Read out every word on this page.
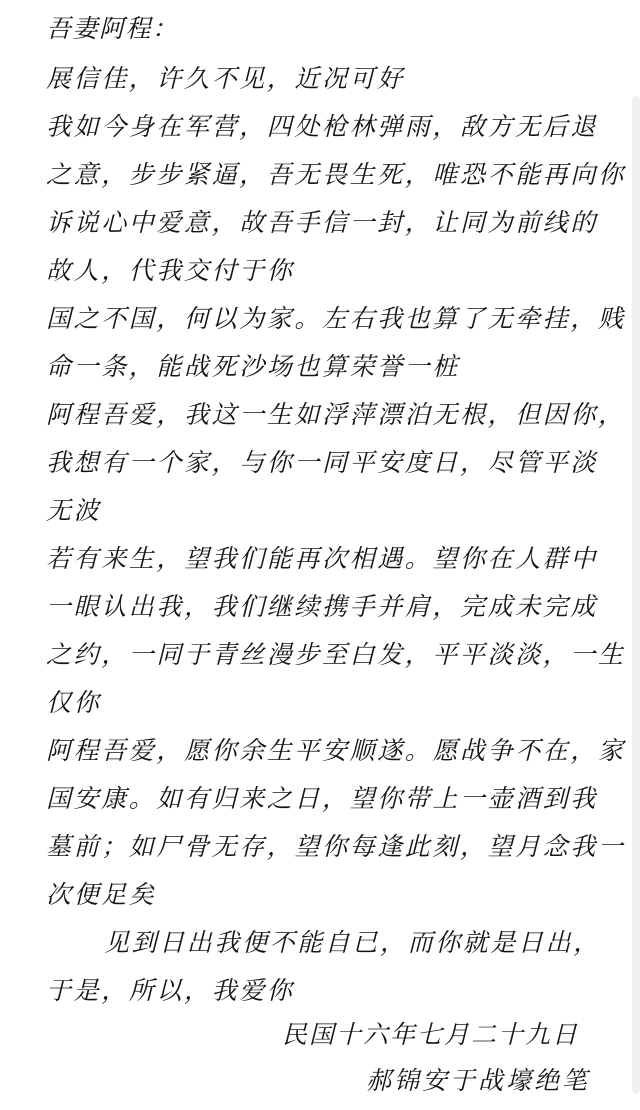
吾妻阿程：
展信佳，许久不见，近况可好
我如今身在军营，四处枪林弹雨，敌方无后退
之意，步步紧逼，吾无畏生死，唯恐不能再向你
诉说心中爱意，故吾手信一封，让同为前线的
故人，代我交付于你
国之不国，何以为家。左右我也算了无牵挂，贱
命一条，能战死沙场也算荣誉一桩
阿程吾爱，我这一生如浮萍漂泊无根，但因你，
我想有一个家，与你一同平安度日，尽管平淡
无波
若有来生，望我们能再次相遇。望你在人群中
一眼认出我，我们继续携手并肩，完成未完成
之约，一同于青丝漫步至白发，平平淡淡，一生
仅你
阿程吾爱，愿你余生平安顺遂。愿战争不在，家
国安康。如有归来之日，望你带上一壶酒到我
墓前；如尸骨无存，望你每逢此刻，望月念我一
次便足矣
见到日出我便不能自已，而你就是日出，
于是，所以，我爱你
民国十六年七月二十九日
郝锦安于战壕绝笔
